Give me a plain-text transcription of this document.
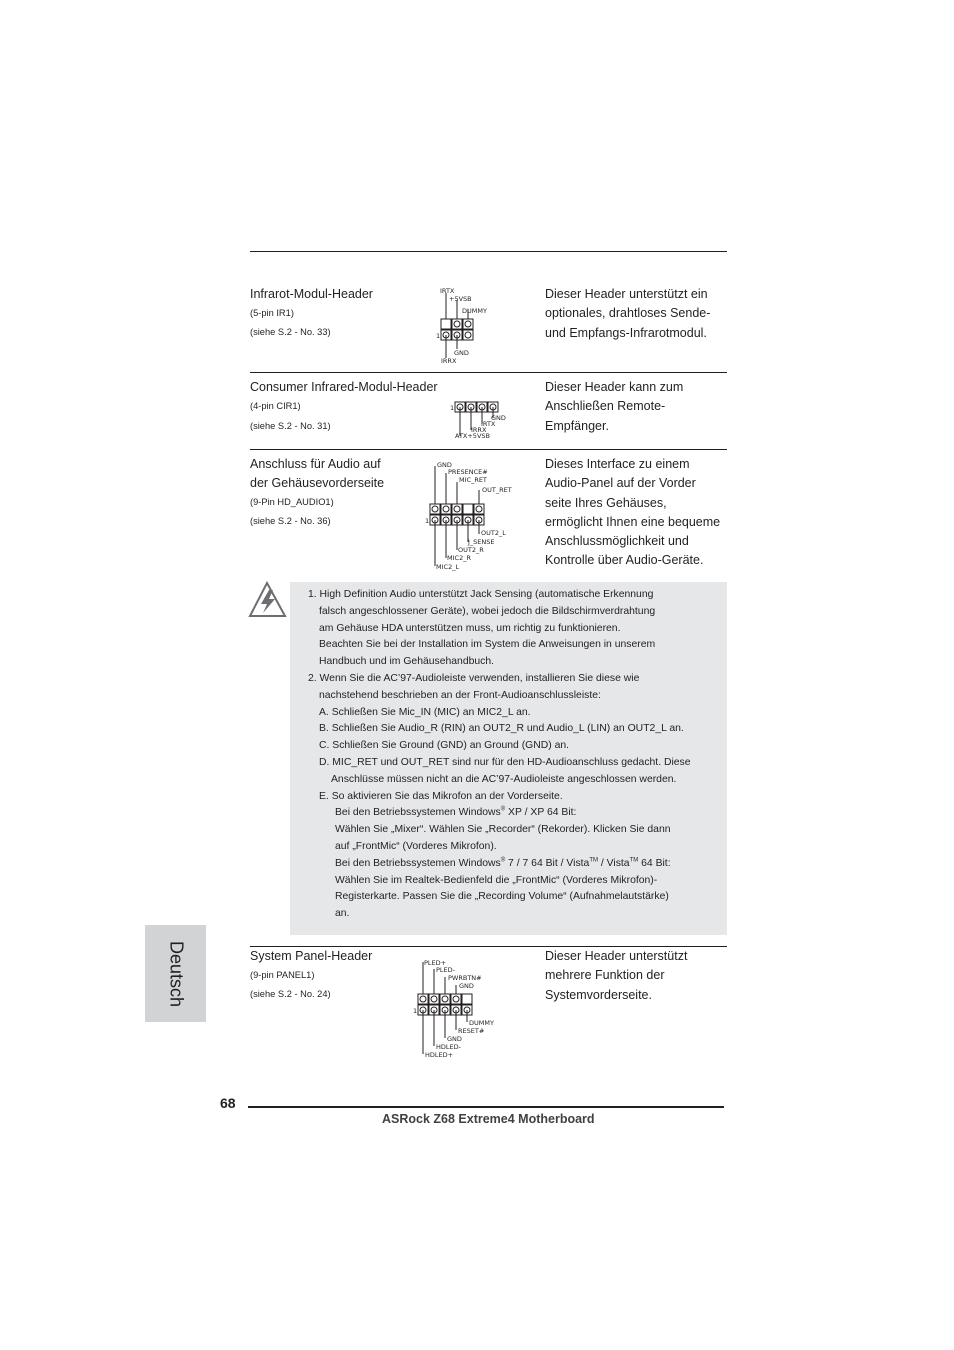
Infrarot-Modul-Header
(5-pin IR1)
(siehe S.2 - No. 33)
Dieser Header unterstützt ein
optionales, drahtloses Sende-
und Empfangs-Infrarotmodul.
IRTX
+5VSB
DUMMY
GND
IRRX
1
Consumer Infrared-Modul-Header
(4-pin CIR1)
(siehe S.2 - No. 31)
Dieser Header kann zum
Anschließen Remote-
Empfänger.
GND
IRTX
IRRX
ATX+5VSB
1
Anschluss für Audio auf
der Gehäusevorderseite
(9-Pin HD_AUDIO1)
(siehe S.2 - No. 36)
Dieses Interface zu einem
Audio-Panel auf der Vorder
seite Ihres Gehäuses,
ermöglicht Ihnen eine bequeme
Anschlussmöglichkeit und
Kontrolle über Audio-Geräte.
GND
PRESENCE#
MIC_RET
OUT_RET
OUT2_L
J_SENSE
OUT2_R
MIC2_R
MIC2_L
1
1. High Definition Audio unterstützt Jack Sensing (automatische Erkennung
falsch angeschlossener Geräte), wobei jedoch die Bildschirmverdrahtung
am Gehäuse HDA unterstützen muss, um richtig zu funktionieren.
Beachten Sie bei der Installation im System die Anweisungen in unserem
Handbuch und im Gehäusehandbuch.
2. Wenn Sie die AC’97-Audioleiste verwenden, installieren Sie diese wie
nachstehend beschrieben an der Front-Audioanschlussleiste:
A. Schließen Sie Mic_IN (MIC) an MIC2_L an.
B. Schließen Sie Audio_R (RIN) an OUT2_R und Audio_L (LIN) an OUT2_L an.
C. Schließen Sie Ground (GND) an Ground (GND) an.
D. MIC_RET und OUT_RET sind nur für den HD-Audioanschluss gedacht. Diese
Anschlüsse müssen nicht an die AC’97-Audioleiste angeschlossen werden.
E. So aktivieren Sie das Mikrofon an der Vorderseite.
Bei den Betriebssystemen Windows® XP / XP 64 Bit:
Wählen Sie „Mixer“. Wählen Sie „Recorder“ (Rekorder). Klicken Sie dann
auf „FrontMic“ (Vorderes Mikrofon).
Bei den Betriebssystemen Windows® 7 / 7 64 Bit / Vista™ / Vista™ 64 Bit:
Wählen Sie im Realtek-Bedienfeld die „FrontMic“ (Vorderes Mikrofon)-
Registerkarte. Passen Sie die „Recording Volume“ (Aufnahmelautstärke)
an.
System Panel-Header
(9-pin PANEL1)
(siehe S.2 - No. 24)
Dieser Header unterstützt
mehrere Funktion der
Systemvorderseite.
PLED+
PLED-
PWRBTN#
GND
DUMMY
RESET#
GND
HDLED-
HDLED+
1
Deutsch
68
ASRock Z68 Extreme4 Motherboard
